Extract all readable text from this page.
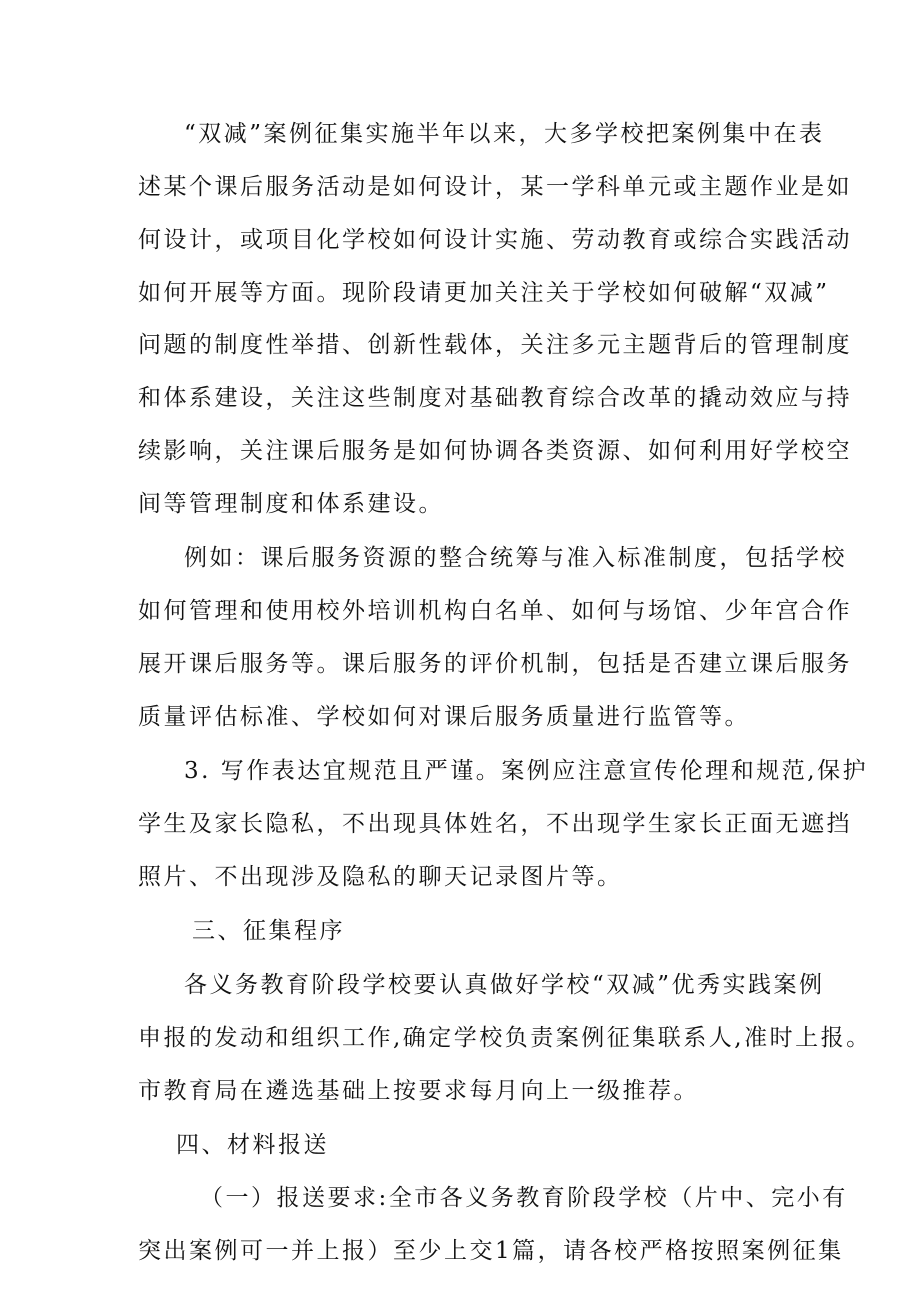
“双减”案例征集实施半年以来，大多学校把案例集中在表
述某个课后服务活动是如何设计，某一学科单元或主题作业是如
何设计，或项目化学校如何设计实施、劳动教育或综合实践活动
如何开展等方面。现阶段请更加关注关于学校如何破解“双减”
问题的制度性举措、创新性载体，关注多元主题背后的管理制度
和体系建设，关注这些制度对基础教育综合改革的撬动效应与持
续影响，关注课后服务是如何协调各类资源、如何利用好学校空
间等管理制度和体系建设。
例如：课后服务资源的整合统筹与准入标准制度，包括学校
如何管理和使用校外培训机构白名单、如何与场馆、少年宫合作
展开课后服务等。课后服务的评价机制，包括是否建立课后服务
质量评估标准、学校如何对课后服务质量进行监管等。
3. 写作表达宜规范且严谨。案例应注意宣传伦理和规范,保护
学生及家长隐私，不出现具体姓名，不出现学生家长正面无遮挡
照片、不出现涉及隐私的聊天记录图片等。
三、征集程序
各义务教育阶段学校要认真做好学校“双减”优秀实践案例
申报的发动和组织工作,确定学校负责案例征集联系人,准时上报。
市教育局在遴选基础上按要求每月向上一级推荐。
四、材料报送
（一）报送要求:全市各义务教育阶段学校（片中、完小有
突出案例可一并上报）至少上交1篇，请各校严格按照案例征集
